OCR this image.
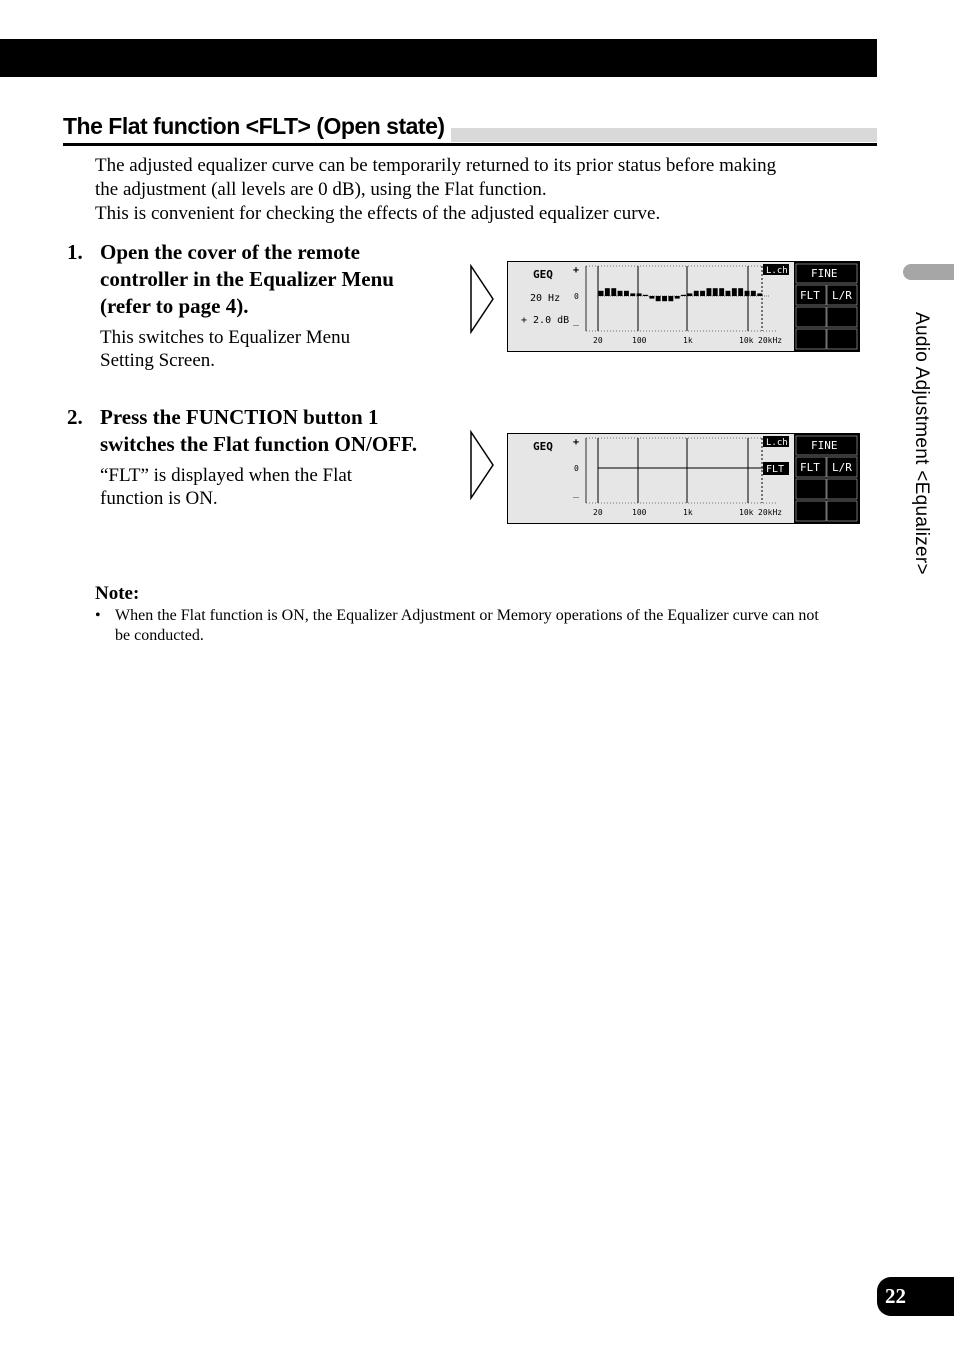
The Flat function <FLT> (Open state)

The adjusted equalizer curve can be temporarily returned to its prior status before making

the adjustment (all levels are 0 dB), using the Flat function.

This is convenient for checking the effects of the adjusted equalizer curve.

1. Open the cover of the remote controller in the Equalizer Menu (refer to page 4).
This switches to Equalizer Menu Setting Screen.
2. Press the FUNCTION button 1 switches the Flat function ON/OFF.
“FLT” is displayed when the Flat function is ON.
GEQ
20 Hz
+ 2.0 dB
+
0
_
20	100	1k	10k 20kHz
L.ch FINE
FLT L/R
GEQ +
0
_
20	100	1k	10k 20kHz
L.ch
FLT
FINE
FLT L/R
Note:
• When the Flat function is ON, the Equalizer Adjustment or Memory operations of the Equalizer curve can not be conducted.
Audio Adjustment <Equalizer>
22
